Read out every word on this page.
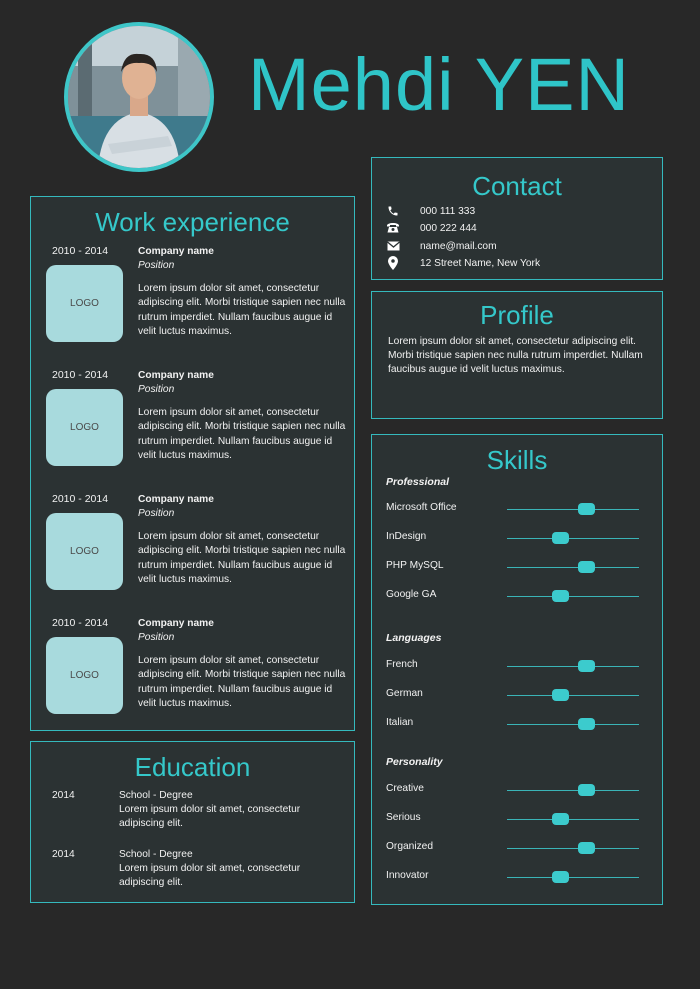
Mehdi YEN
Work experience
2010 - 2014
LOGO
Company name
Position
Lorem ipsum dolor sit amet, consectetur adipiscing elit. Morbi tristique sapien nec nulla rutrum imperdiet. Nullam faucibus augue id velit luctus maximus.
2010 - 2014
LOGO
Company name
Position
Lorem ipsum dolor sit amet, consectetur adipiscing elit. Morbi tristique sapien nec nulla rutrum imperdiet. Nullam faucibus augue id velit luctus maximus.
2010 - 2014
LOGO
Company name
Position
Lorem ipsum dolor sit amet, consectetur adipiscing elit. Morbi tristique sapien nec nulla rutrum imperdiet. Nullam faucibus augue id velit luctus maximus.
2010 - 2014
LOGO
Company name
Position
Lorem ipsum dolor sit amet, consectetur adipiscing elit. Morbi tristique sapien nec nulla rutrum imperdiet. Nullam faucibus augue id velit luctus maximus.
Education
2014	School - Degree
Lorem ipsum dolor sit amet, consectetur adipiscing elit.
2014	School - Degree
Lorem ipsum dolor sit amet, consectetur adipiscing elit.
Contact
000 111 333
000 222 444
name@mail.com
12 Street Name, New York
Profile
Lorem ipsum dolor sit amet, consectetur adipiscing elit. Morbi tristique sapien nec nulla rutrum imperdiet. Nullam faucibus augue id velit luctus maximus.
Skills
Professional
Microsoft Office
InDesign
PHP MySQL
Google GA
Languages
French
German
Italian
Personality
Creative
Serious
Organized
Innovator
